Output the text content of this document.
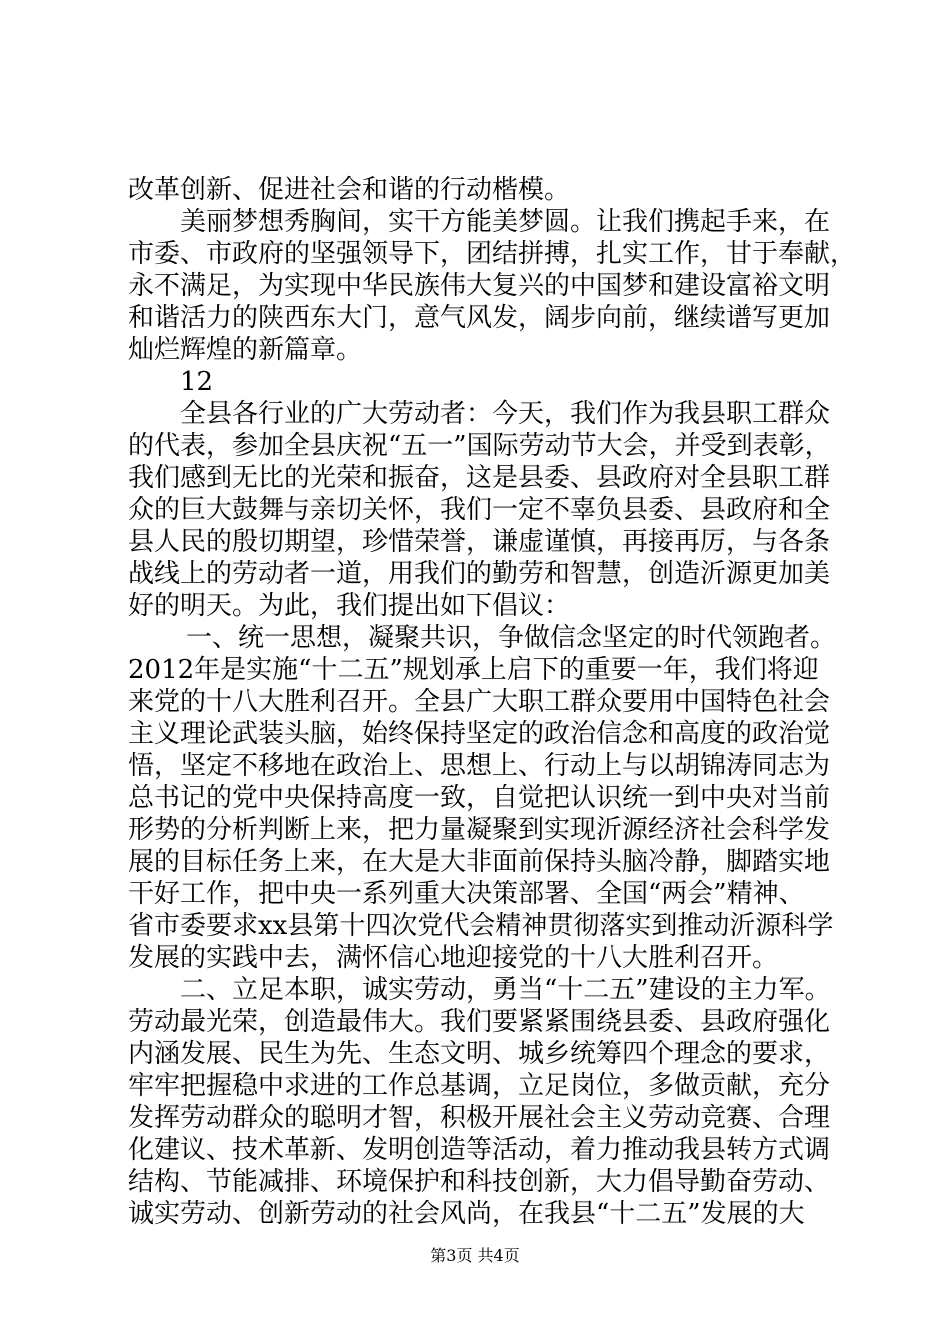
改革创新、促进社会和谐的行动楷模。
美丽梦想秀胸间，实干方能美梦圆。让我们携起手来，在
市委、市政府的坚强领导下，团结拼搏，扎实工作，甘于奉献，
永不满足，为实现中华民族伟大复兴的中国梦和建设富裕文明
和谐活力的陕西东大门，意气风发，阔步向前，继续谱写更加
灿烂辉煌的新篇章。
12
全县各行业的广大劳动者：今天，我们作为我县职工群众
的代表，参加全县庆祝“五一”国际劳动节大会，并受到表彰，
我们感到无比的光荣和振奋，这是县委、县政府对全县职工群
众的巨大鼓舞与亲切关怀，我们一定不辜负县委、县政府和全
县人民的殷切期望，珍惜荣誉，谦虚谨慎，再接再厉，与各条
战线上的劳动者一道，用我们的勤劳和智慧，创造沂源更加美
好的明天。为此，我们提出如下倡议：
一、统一思想，凝聚共识，争做信念坚定的时代领跑者。
2012年是实施“十二五”规划承上启下的重要一年，我们将迎
来党的十八大胜利召开。全县广大职工群众要用中国特色社会
主义理论武装头脑，始终保持坚定的政治信念和高度的政治觉
悟，坚定不移地在政治上、思想上、行动上与以胡锦涛同志为
总书记的党中央保持高度一致，自觉把认识统一到中央对当前
形势的分析判断上来，把力量凝聚到实现沂源经济社会科学发
展的目标任务上来，在大是大非面前保持头脑冷静，脚踏实地
干好工作，把中央一系列重大决策部署、全国“两会”精神、
省市委要求xx县第十四次党代会精神贯彻落实到推动沂源科学
发展的实践中去，满怀信心地迎接党的十八大胜利召开。
二、立足本职，诚实劳动，勇当“十二五”建设的主力军。
劳动最光荣，创造最伟大。我们要紧紧围绕县委、县政府强化
内涵发展、民生为先、生态文明、城乡统筹四个理念的要求，
牢牢把握稳中求进的工作总基调，立足岗位，多做贡献，充分
发挥劳动群众的聪明才智，积极开展社会主义劳动竞赛、合理
化建议、技术革新、发明创造等活动，着力推动我县转方式调
结构、节能减排、环境保护和科技创新，大力倡导勤奋劳动、
诚实劳动、创新劳动的社会风尚，在我县“十二五”发展的大
第3页 共4页
